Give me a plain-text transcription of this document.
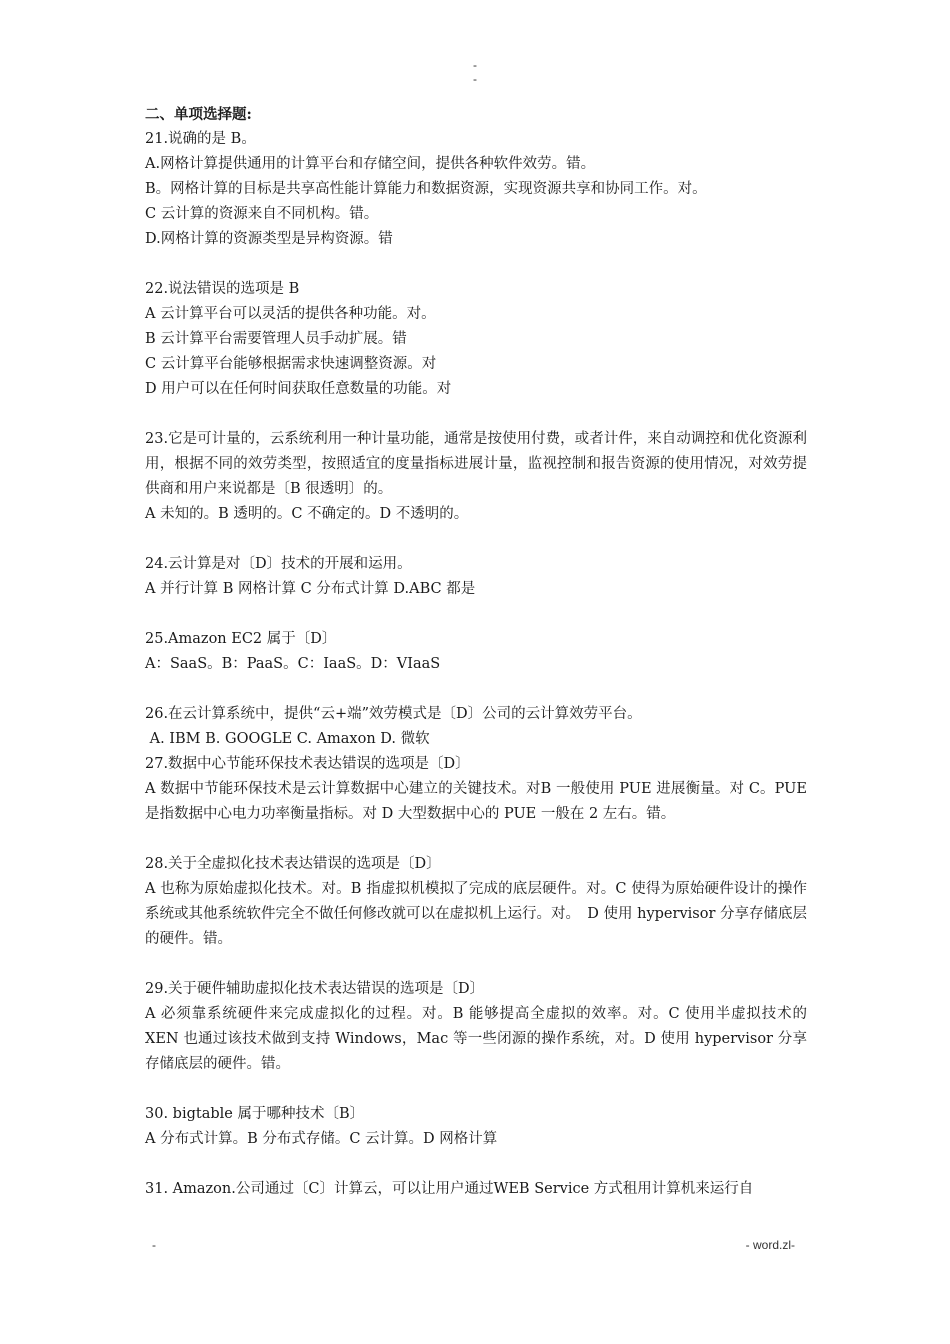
-
-

二、单项选择题:

21.说确的是 B。

A.网格计算提供通用的计算平台和存储空间，提供各种软件效劳。错。

B。网格计算的目标是共享高性能计算能力和数据资源，实现资源共享和协同工作。对。

C 云计算的资源来自不同机构。错。

D.网格计算的资源类型是异构资源。错

22.说法错误的选项是 B

A 云计算平台可以灵活的提供各种功能。对。

B 云计算平台需要管理人员手动扩展。错

C 云计算平台能够根据需求快速调整资源。对

D 用户可以在任何时间获取任意数量的功能。对

23.它是可计量的，云系统利用一种计量功能，通常是按使用付费，或者计件，来自动调控和优化资源利用，根据不同的效劳类型，按照适宜的度量指标进展计量，监视控制和报告资源的使用情况，对效劳提供商和用户来说都是〔B 很透明〕的。

A 未知的。B 透明的。C 不确定的。D 不透明的。

24.云计算是对〔D〕技术的开展和运用。

A 并行计算 B 网格计算 C 分布式计算 D.ABC 都是

25.Amazon EC2 属于〔D〕

A：SaaS。B：PaaS。C：IaaS。D：VIaaS

26.在云计算系统中，提供“云+端”效劳模式是〔D〕公司的云计算效劳平台。

A. IBM B. GOOGLE C. Amaxon D. 微软

27.数据中心节能环保技术表达错误的选项是〔D〕

A 数据中节能环保技术是云计算数据中心建立的关键技术。对B 一般使用 PUE 进展衡量。对 C。PUE 是指数据中心电力功率衡量指标。对 D 大型数据中心的 PUE 一般在 2 左右。错。

28.关于全虚拟化技术表达错误的选项是〔D〕

A 也称为原始虚拟化技术。对。B 指虚拟机模拟了完成的底层硬件。对。C 使得为原始硬件设计的操作系统或其他系统软件完全不做任何修改就可以在虚拟机上运行。对。　D 使用 hypervisor 分享存储底层的硬件。错。

29.关于硬件辅助虚拟化技术表达错误的选项是〔D〕

A 必须靠系统硬件来完成虚拟化的过程。对。B 能够提高全虚拟的效率。对。C 使用半虚拟技术的 XEN 也通过该技术做到支持 Windows，Mac 等一些闭源的操作系统，对。D 使用 hypervisor 分享存储底层的硬件。错。

30. bigtable 属于哪种技术〔B〕

A 分布式计算。B 分布式存储。C 云计算。D 网格计算

31. Amazon.公司通过〔C〕计算云，可以让用户通过WEB Service 方式租用计算机来运行自

-	- word.zl-
